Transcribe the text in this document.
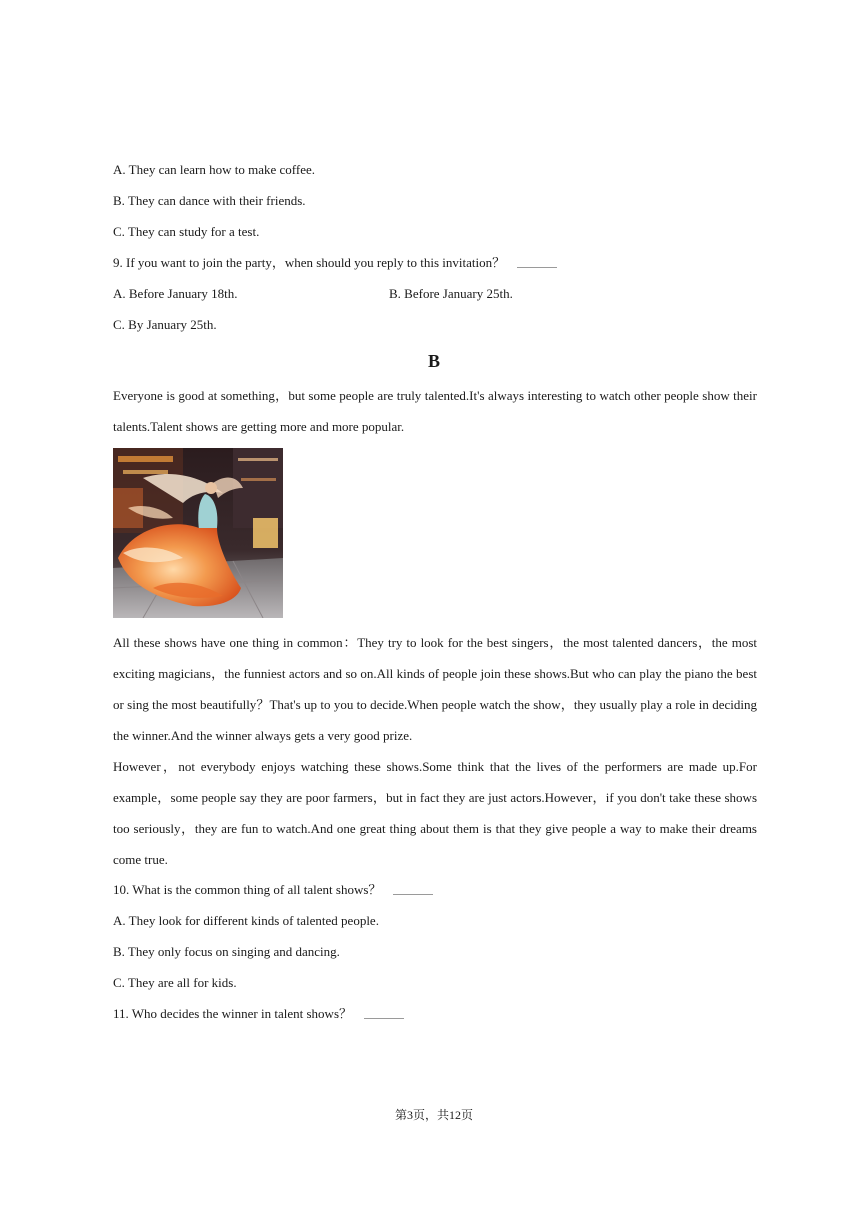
A. They can learn how to make coffee.
B. They can dance with their friends.
C. They can study for a test.
9. If you want to join the party，when should you reply to this invitation？
A. Before January 18th.	B. Before January 25th.
C. By January 25th.
B
Everyone is good at something，but some people are truly talented.It's always interesting to watch other people show their talents.Talent shows are getting more and more popular.
All these shows have one thing in common：They try to look for the best singers，the most talented dancers，the most exciting magicians，the funniest actors and so on.All kinds of people join these shows.But who can play the piano the best or sing the most beautifully？That's up to you to decide.When people watch the show，they usually play a role in deciding the winner.And the winner always gets a very good prize.
However，not everybody enjoys watching these shows.Some think that the lives of the performers are made up.For example，some people say they are poor farmers，but in fact they are just actors.However，if you don't take these shows too seriously，they are fun to watch.And one great thing about them is that they give people a way to make their dreams come true.
10. What is the common thing of all talent shows？
A. They look for different kinds of talented people.
B. They only focus on singing and dancing.
C. They are all for kids.
11. Who decides the winner in talent shows？
第3页，共12页
